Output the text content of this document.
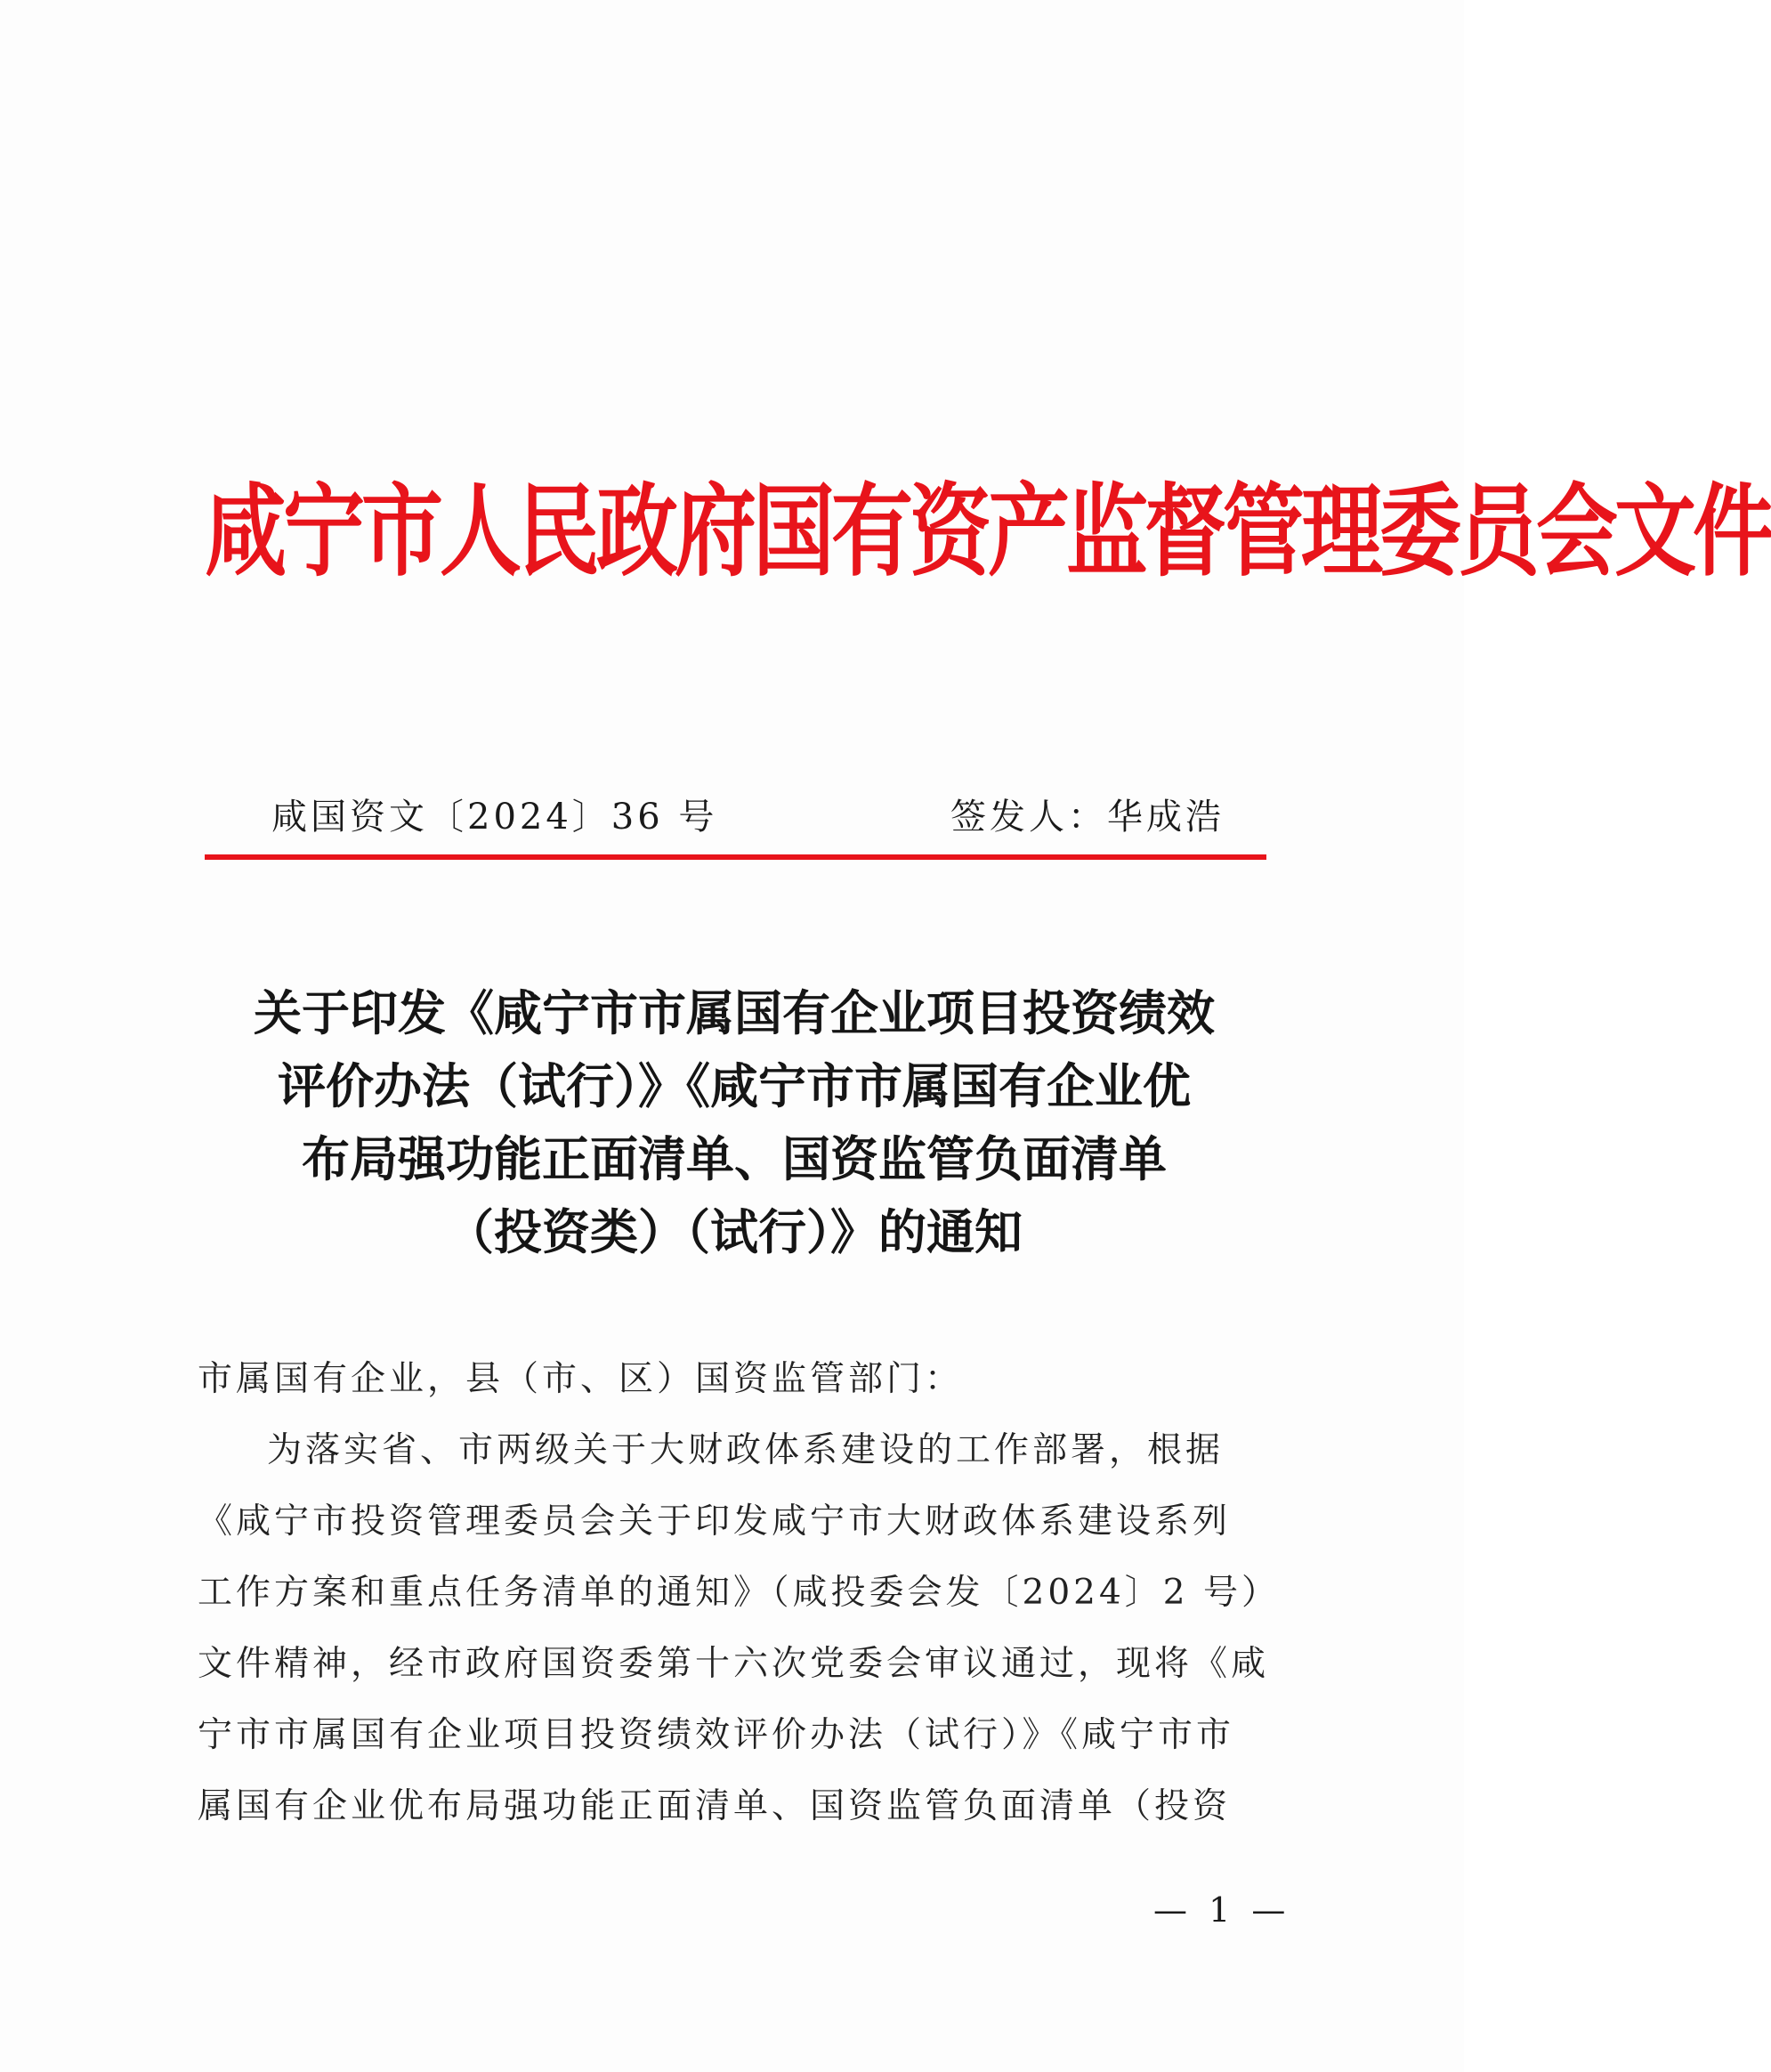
咸宁市人民政府国有资产监督管理委员会文件
咸国资文〔2024〕36 号	签发人：华成浩
关于印发《咸宁市市属国有企业项目投资绩效
评价办法（试行）》《咸宁市市属国有企业优
布局强功能正面清单、国资监管负面清单
（投资类）（试行）》的通知
市属国有企业，县（市、区）国资监管部门：
为落实省、市两级关于大财政体系建设的工作部署，根据
《咸宁市投资管理委员会关于印发咸宁市大财政体系建设系列
工作方案和重点任务清单的通知》（咸投委会发〔2024〕2 号）
文件精神，经市政府国资委第十六次党委会审议通过，现将《咸
宁市市属国有企业项目投资绩效评价办法（试行）》《咸宁市市
属国有企业优布局强功能正面清单、国资监管负面清单（投资
— 1 —
